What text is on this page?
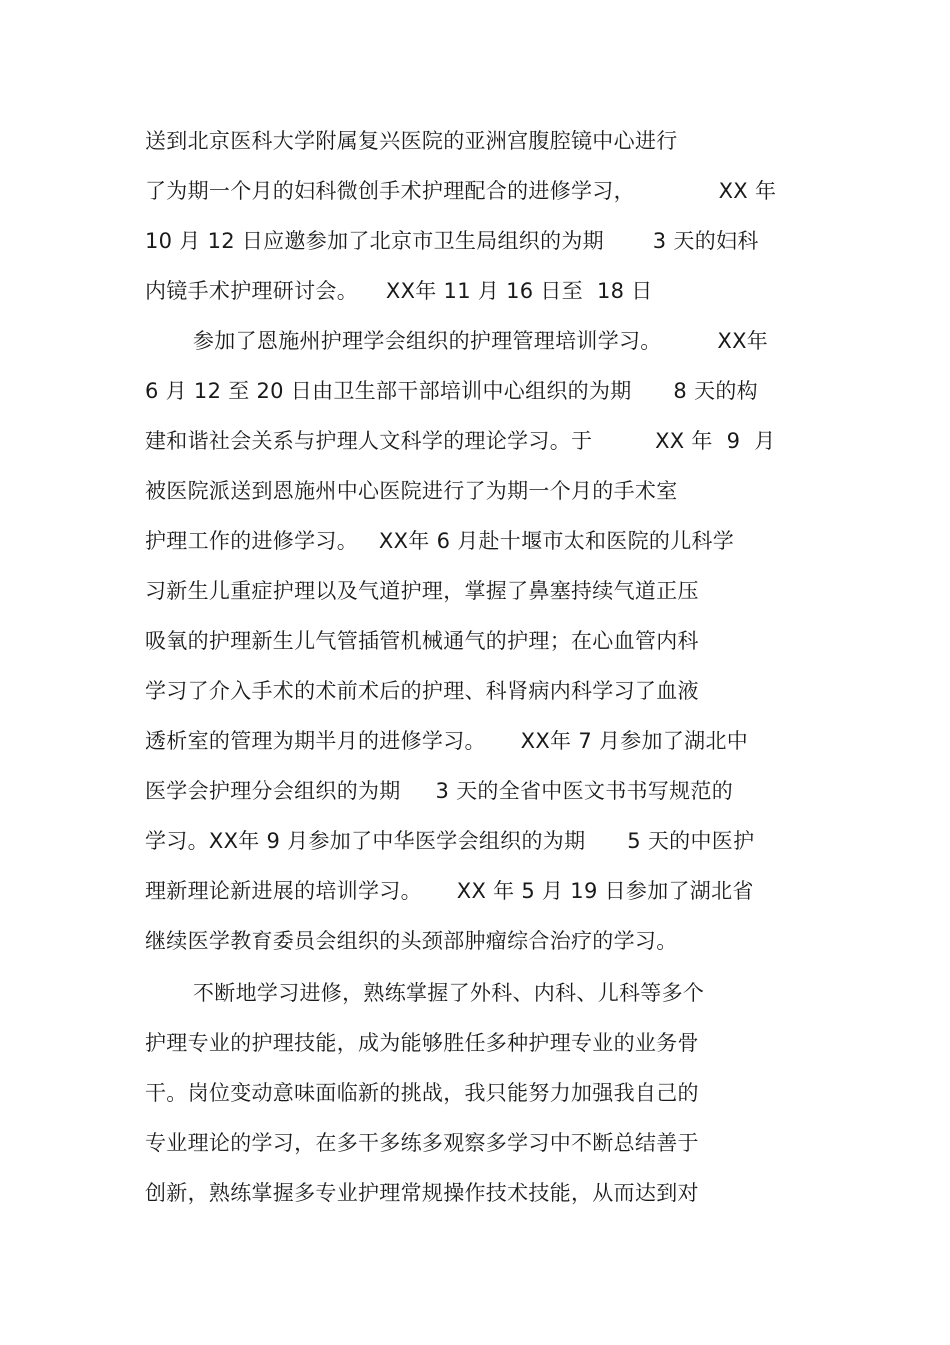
送到北京医科大学附属复兴医院的亚洲宫腹腔镜中心进行
了为期一个月的妇科微创手术护理配合的进修学习，            XX 年
10 月 12 日应邀参加了北京市卫生局组织的为期       3 天的妇科
内镜手术护理研讨会。    XX年 11 月 16 日至  18 日
参加了恩施州护理学会组织的护理管理培训学习。        XX年
6 月 12 至 20 日由卫生部干部培训中心组织的为期      8 天的构
建和谐社会关系与护理人文科学的理论学习。于         XX 年  9  月
被医院派送到恩施州中心医院进行了为期一个月的手术室
护理工作的进修学习。   XX年 6 月赴十堰市太和医院的儿科学
习新生儿重症护理以及气道护理，掌握了鼻塞持续气道正压
吸氧的护理新生儿气管插管机械通气的护理；在心血管内科
学习了介入手术的术前术后的护理、科肾病内科学习了血液
透析室的管理为期半月的进修学习。     XX年 7 月参加了湖北中
医学会护理分会组织的为期     3 天的全省中医文书书写规范的
学习。XX年 9 月参加了中华医学会组织的为期      5 天的中医护
理新理论新进展的培训学习。     XX 年 5 月 19 日参加了湖北省
继续医学教育委员会组织的头颈部肿瘤综合治疗的学习。
不断地学习进修，熟练掌握了外科、内科、儿科等多个
护理专业的护理技能，成为能够胜任多种护理专业的业务骨
干。岗位变动意味面临新的挑战，我只能努力加强我自己的
专业理论的学习，在多干多练多观察多学习中不断总结善于
创新，熟练掌握多专业护理常规操作技术技能，从而达到对
